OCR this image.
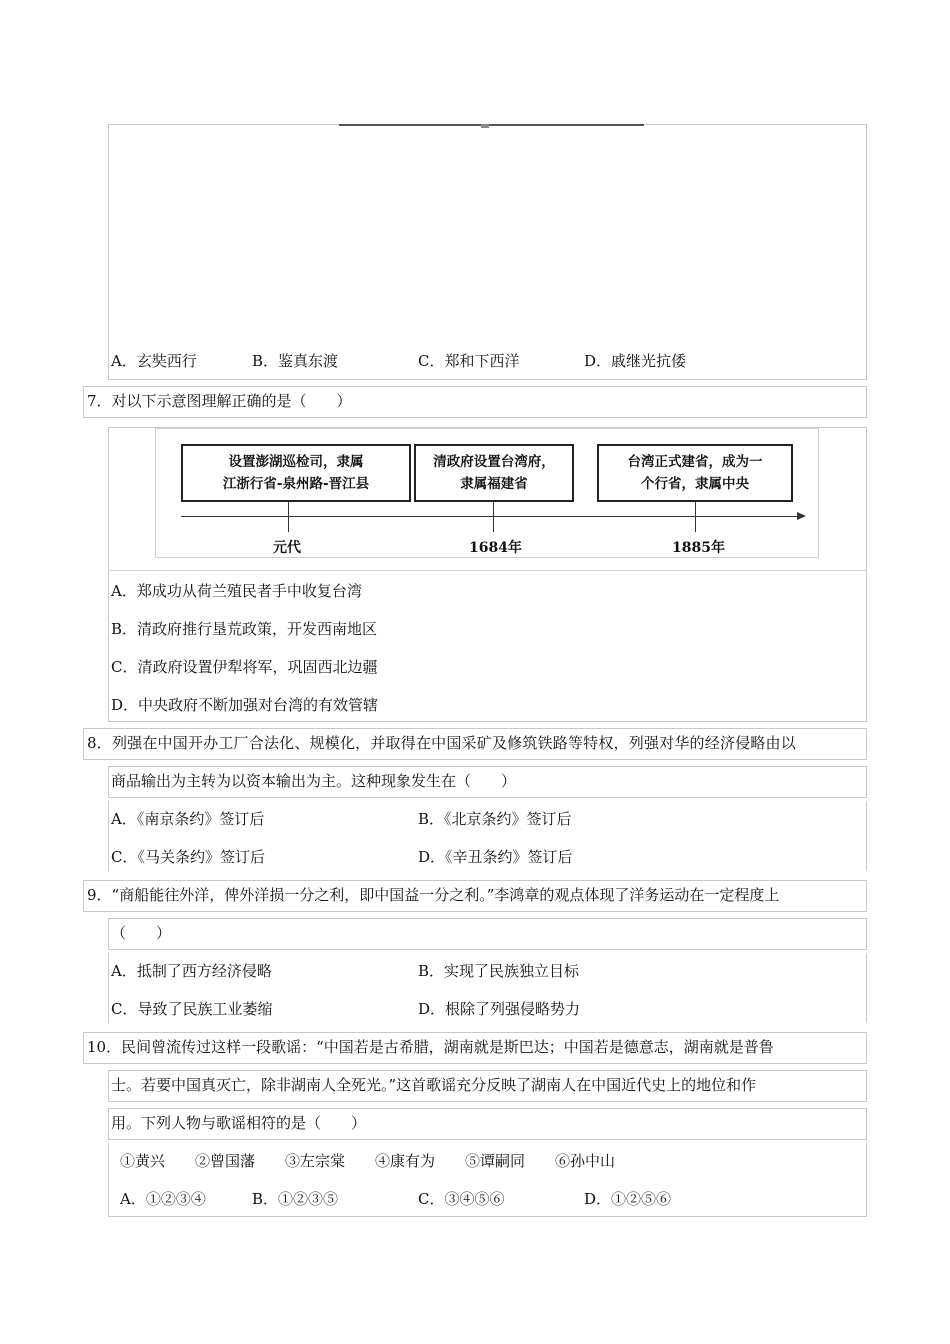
A．玄奘西行	B．鉴真东渡	C．郑和下西洋	D．戚继光抗倭
7．对以下示意图理解正确的是（　　）
设置澎湖巡检司，隶属
江浙行省-泉州路-晋江县
清政府设置台湾府，
隶属福建省
台湾正式建省，成为一
个行省，隶属中央
元代	1684年	1885年
A．郑成功从荷兰殖民者手中收复台湾
B．清政府推行垦荒政策，开发西南地区
C．清政府设置伊犁将军，巩固西北边疆
D．中央政府不断加强对台湾的有效管辖
8．列强在中国开办工厂合法化、规模化，并取得在中国采矿及修筑铁路等特权，列强对华的经济侵略由以
商品输出为主转为以资本输出为主。这种现象发生在（　　）
A．《南京条约》签订后	B．《北京条约》签订后
C．《马关条约》签订后	D．《辛丑条约》签订后
9．“商船能往外洋，俾外洋损一分之利，即中国益一分之利。”李鸿章的观点体现了洋务运动在一定程度上
（　　）
A．抵制了西方经济侵略	B．实现了民族独立目标
C．导致了民族工业萎缩	D．根除了列强侵略势力
10．民间曾流传过这样一段歌谣：“中国若是古希腊，湖南就是斯巴达；中国若是德意志，湖南就是普鲁
士。若要中国真灭亡，除非湖南人全死光。”这首歌谣充分反映了湖南人在中国近代史上的地位和作
用。下列人物与歌谣相符的是（　　）
①黄兴　　②曾国藩　　③左宗棠　　④康有为　　⑤谭嗣同　　⑥孙中山
A．①②③④	B．①②③⑤	C．③④⑤⑥	D．①②⑤⑥
